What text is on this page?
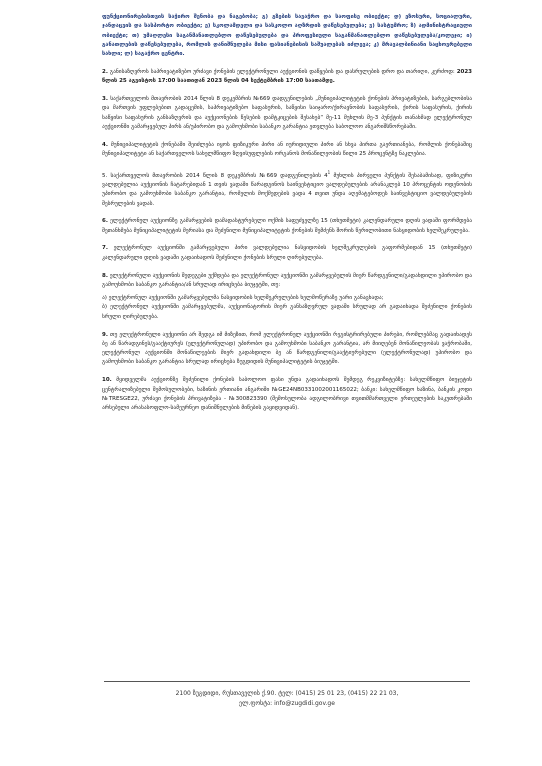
ფუნქციონირებისთვის საჭირო შენობა და ნაგებობა; გ) გზების სავაჭრო და საოფისე ობიექტი; დ) ეზოსური, სოციალური, ჯანდაცვის და სასპორტო ობიექტი; ე) სკოლამდელი და სასკოლო აღზრდის დაწესებულება; ვ) სასტუმრო; ზ) ადმინისტრაციული ობიექტი; თ) უმაღლესი საგანმანათლებლო დაწესებულება და პროფესიული საგანმანათლებლო დაწესებულება/კოლეჯი; ი) განათლების დაწესებულება, რომლის დანიშნულება მისი ფასიანებისის საშუალებას იძლევა; კ) მრავალბინიანი საცხოვრებელი სახლი; ლ) საგაჭრო ცენტრი.

2. განისაზღვროს საპრივატიზებო ურძავი ქონების ელექტრონული აუქციონის დაწყების და დასრულების დრო და თარიღი, კერძოდ: 2023 წლის 25 აგვისტოს 17:00 საათიდან 2023 წლის 04 სექტემბრის 17:00 საათამდე.

3. საქართველოს მთავრობის 2014 წლის 8 დეკემბრის №669 დადგენილების „მუნიციპალიტეტის ქონების პრივატიზების, სარგებლობისა და მართვის უფლებებით გადაცემის, საპრივატიზებო საფასურის, საწყისი საიჯარო/ქირავნობის საფასურის, ქირის საფასურის, ქირის საწყისი საფასურის განსაზღვრის და აუქციონების წესების დამტკიცების შესახებ“ მე-11 მუხლის მე-3 პუნქტის თანახმად ელექტრონულ აუქციონში გამარჯვებულ პირს ან/უპირობო და გამოუხმობი საბანკო გარანტია ეთვლება საბოლოო ანგარიშსწორებაში.

4. მუნიციპალიტეტის ქონებაში შეიძლება იყოს ფიზიკური პირი ან იურიდიული პირი ან სხვა პირთა გაერთიანება, რომლის ქონებაშიც მუნიციპალიტეტი ან საქართველოს სახელმწიფო ზღვისუფლების ორგანოს მონაწილეობის წილი 25 პროცენტზე ნაკლებია.

5. საქართველოს მთავრობის 2014 წლის 8 დეკემბრის №669 დადგენილების $4^1$ მუხლის პირველი პუნქტის შესაბამისად, ფიზიკური ვალდებულია აუქციონის ჩატარებიდან 1 თვის ვადაში წარადგინოს საინვესტიციო ვალდებულების არანაკლებ 10 პროცენტის ოდენობის უპირობო და გამოუხმობი საბანკო გარანტია, რომელის მოქმედების ვადა 4 თვით უნდა აღემატებოდეს საინვესტიციო ვალდებულების შესრულების ვადას.

6. ელექტრონულ აუქციონზე გამარჯვების დამადასტურებელი ოქმის საფუძველზე 15 (თხუთმეტი) კალენდარული დღის ვადაში ფორმდება შეთანხმება მუნიციპალიტეტის მერიასა და შეძენილი მუნიციპალიტეტის ქონების შემძენს შორის წერილობითი ნასყიდობის ხელშეკრულება.

7. ელექტრონულ აუქციონში გამარჯვებული პირი ვალდებულია ნასყიდობის ხელშეკრულების გაფორმებიდან 15 (თხუთმეტი) კალენდარული დღის ვადაში გადაიხადოს შეძენილი ქონების სრული ღირებულება.

8. ელექტრონული აუქციონის შედეგები უქმდება და ელექტრონულ აუქციონში გამარჯვებულის მიერ წარდგენილი/გადახდილი უპირობო და გამოუხმობი საბანკო გარანტია/ან სრულად ირიცხება ბიუჯეტში, თუ:

ა) ელექტრონულ აუქციონში გამარჯვებულმა ნასყიდობის ხელშეკრულების ხელმოწერაზე უარი განაცხადა;

ბ) ელექტრონულ აუქციონში გამარჯვებულმა, აუქციონატორის მიერ განსაზღვრულ ვადაში სრულად არ გადაიხადა შეძენილი ქონების სრული ღირებულება.

9. თუ ელექტრონული აუქციონი არ შედგა იმ მიზეზით, რომ ელექტრონულ აუქციონში რეგისტრირებული პირები, რომლებმაც გადაიხადეს ბე ან წარადგინეს/გააქტიურეს (ელექტრონულად) უპირობო და გამოუხმობი საბანკო გარანტია, არ მიიღებენ მონაწილეობას ვაჭრობაში, ელექტრონულ აუქციონში მონაწილეების მიერ გადახდილი ბე ან წარდგენილი/გააქტიურებული (ელექტრონულად) უპირობო და გამოუხმობი საბანკო გარანტია სრულად ირიცხება ზუგდიდის მუნიციპალიტეტის ბიუჯეტში.

10. მყიდველმა აუქციონზე შეძენილი ქონების საბოლოო ფასი უნდა გადაიხადოს შემდეგ რეკვიზიტებზე: სახელმწიფო ბიუჯეტის ცენტრალიზებული შემოსულობები, ხაზინის ერთიანი ანგარიში №GE24NB0331002001165022; ბანკი: სახელმწიფო ხაზინა, ბანკის კოდი №TRESGE22, ურძავი ქონების პრივატიზება - №300823390 (შემოსულობა ადგილობრივი თვითმმართველი ერთეულების საკუთრებაში არსებული არასასოფლო-სამეურნეო დანიშნულების მიწების გაყიდვიდან).

2100 ზუგდიდი, რუსთაველის ქ.90. ტელ: (0415) 25 01 23, (0415) 22 21 03,
ელ.ფოსტა: info@zugdidi.gov.ge
